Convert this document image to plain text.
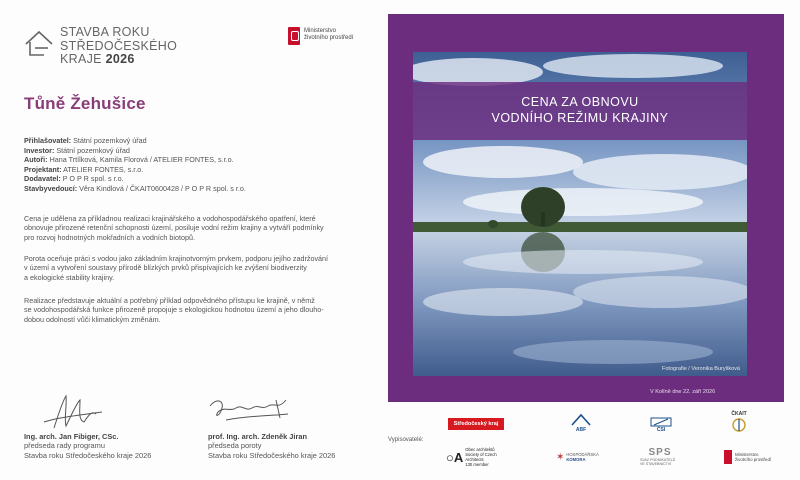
STAVBA ROKU
STŘEDOČESKÉHO
KRAJE 2026
Ministerstvo
životního prostředí
Tůně Žehušice
Přihlašovatel: Státní pozemkový úřad
Investor: Státní pozemkový úřad
Autoři: Hana Trtílková, Kamila Florová / ATELIER FONTES, s.r.o.
Projektant: ATELIER FONTES, s.r.o.
Dodavatel: P O P R spol. s r.o.
Stavbyvedoucí: Věra Kindlová / ČKAIT0600428 / P O P R spol. s r.o.
Cena je udělena za příkladnou realizaci krajinářského a vodohospodářského opatření, které
obnovuje přirozené retenční schopnosti území, posiluje vodní režim krajiny a vytváří podmínky
pro rozvoj hodnotných mokřadních a vodních biotopů.
Porota oceňuje práci s vodou jako základním krajinotvorným prvkem, podporu jejího zadržování
v území a vytvoření soustavy přírodě blízkých prvků přispívajících ke zvýšení biodiverzity
a ekologické stability krajiny.
Realizace představuje aktuální a potřebný příklad odpovědného přístupu ke krajině, v němž
se vodohospodářská funkce přirozeně propojuje s ekologickou hodnotou území a jeho dlouho-
dobou odolností vůči klimatickým změnám.
Ing. arch. Jan Fibiger, CSc.
předseda rady programu
Stavba roku Středočeského kraje 2026
prof. Ing. arch. Zdeněk Jiran
předseda poroty
Stavba roku Středočeského kraje 2026
CENA ZA OBNOVU
VODNÍHO REŽIMU KRAJINY
Fotografie / Veronika Buryšková
V Kolíně dne 22. září 2026
Vypisovatelé:
Středočeský kraj
ABF	ČSI
ČKAIT
○A Obec architektů
Society of Czech Architects
130 member
✶ HOSPODÁŘSKÁ
KOMORA
SPS
SVAZ PODNIKATELŮ VE STAVEBNICTVÍ
Ministerstvo
životního prostředí
